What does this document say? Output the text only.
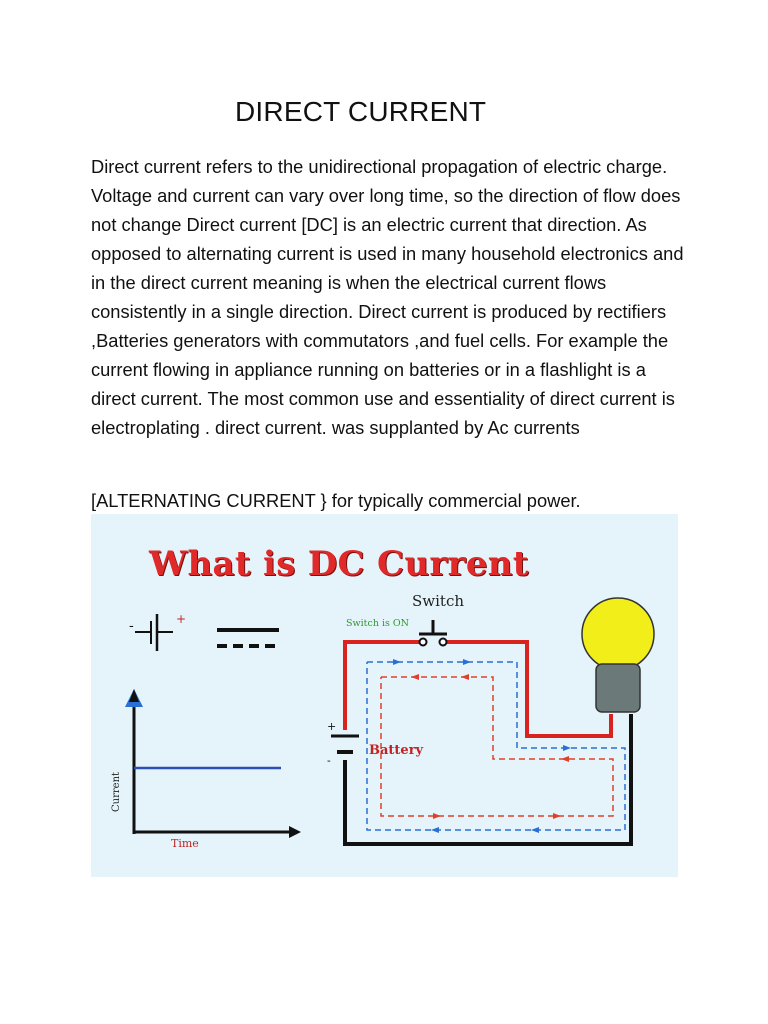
DIRECT CURRENT
Direct current refers to the unidirectional propagation of electric charge. Voltage and current can vary over long time, so the direction of flow does not change Direct current [DC] is an electric current that direction. As opposed to alternating current is used in many household electronics and in the direct current meaning is when the electrical current flows consistently in a single direction. Direct current is produced by rectifiers ,Batteries generators with commutators ,and fuel cells. For example the current flowing in appliance running on batteries or in a flashlight is a direct current. The most common use and essentiality of direct current is electroplating . direct current. was supplanted by Ac currents
[ALTERNATING CURRENT } for typically commercial power.
What is DC Current
Switch
Switch is ON
Battery
+
-
+
-
Current
Time
